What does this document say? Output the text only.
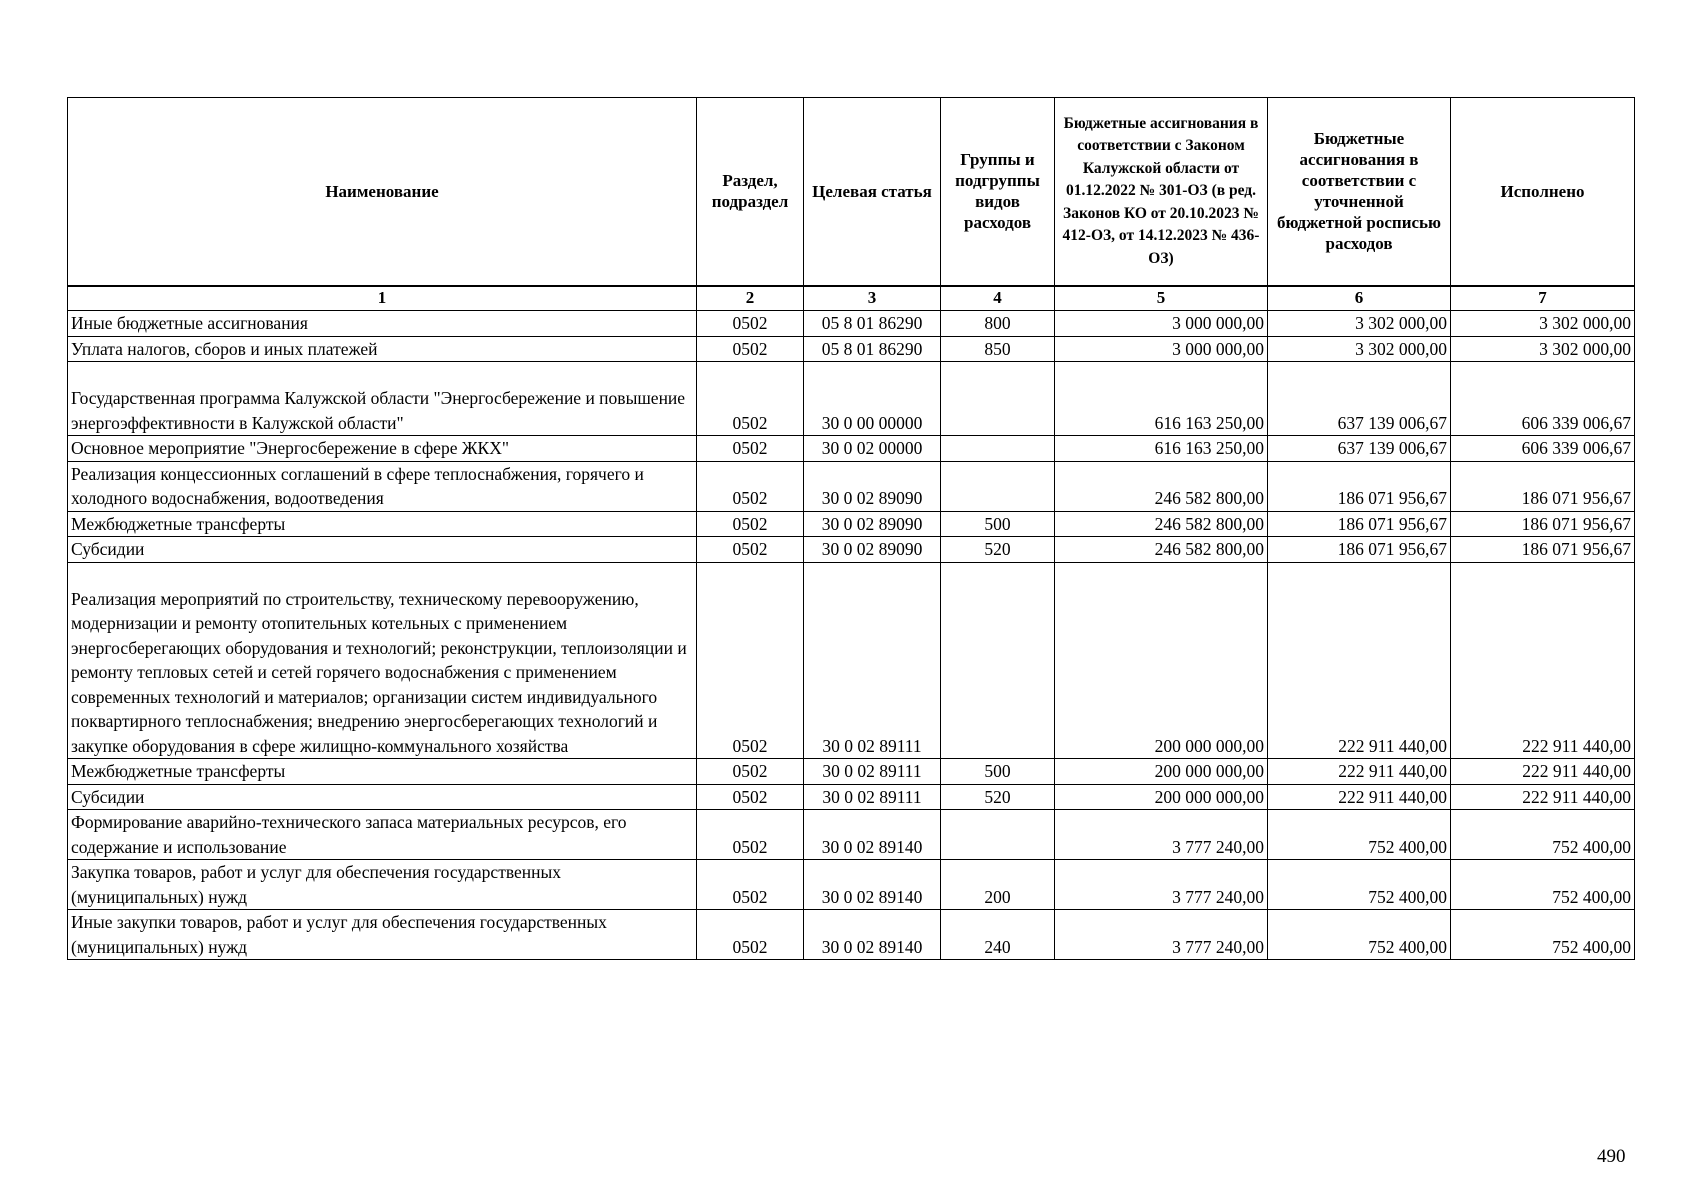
Наименование	Раздел, подраздел	Целевая статья	Группы и подгруппы видов расходов	Бюджетные ассигнования в соответствии с Законом Калужской области от 01.12.2022 № 301-ОЗ (в ред. Законов КО от 20.10.2023 № 412-ОЗ, от 14.12.2023 № 436-ОЗ)	Бюджетные ассигнования в соответствии с уточненной бюджетной росписью расходов	Исполнено
1	2	3	4	5	6	7
Иные бюджетные ассигнования	0502	05 8 01 86290	800	3 000 000,00	3 302 000,00	3 302 000,00
Уплата налогов, сборов и иных платежей	0502	05 8 01 86290	850	3 000 000,00	3 302 000,00	3 302 000,00
Государственная программа Калужской области "Энергосбережение и повышение энергоэффективности в Калужской области"	0502	30 0 00 00000		616 163 250,00	637 139 006,67	606 339 006,67
Основное мероприятие "Энергосбережение в сфере ЖКХ"	0502	30 0 02 00000		616 163 250,00	637 139 006,67	606 339 006,67
Реализация концессионных соглашений в сфере теплоснабжения, горячего и холодного водоснабжения, водоотведения	0502	30 0 02 89090		246 582 800,00	186 071 956,67	186 071 956,67
Межбюджетные трансферты	0502	30 0 02 89090	500	246 582 800,00	186 071 956,67	186 071 956,67
Субсидии	0502	30 0 02 89090	520	246 582 800,00	186 071 956,67	186 071 956,67
Реализация мероприятий по строительству, техническому перевооружению, модернизации и ремонту отопительных котельных с применением энергосберегающих оборудования и технологий; реконструкции, теплоизоляции и ремонту тепловых сетей и сетей горячего водоснабжения с применением современных технологий и материалов; организации систем индивидуального поквартирного теплоснабжения; внедрению энергосберегающих технологий и закупке оборудования в сфере жилищно-коммунального хозяйства	0502	30 0 02 89111		200 000 000,00	222 911 440,00	222 911 440,00
Межбюджетные трансферты	0502	30 0 02 89111	500	200 000 000,00	222 911 440,00	222 911 440,00
Субсидии	0502	30 0 02 89111	520	200 000 000,00	222 911 440,00	222 911 440,00
Формирование аварийно-технического запаса материальных ресурсов, его содержание и использование	0502	30 0 02 89140		3 777 240,00	752 400,00	752 400,00
Закупка товаров, работ и услуг для обеспечения государственных (муниципальных) нужд	0502	30 0 02 89140	200	3 777 240,00	752 400,00	752 400,00
Иные закупки товаров, работ и услуг для обеспечения государственных (муниципальных) нужд	0502	30 0 02 89140	240	3 777 240,00	752 400,00	752 400,00
490
